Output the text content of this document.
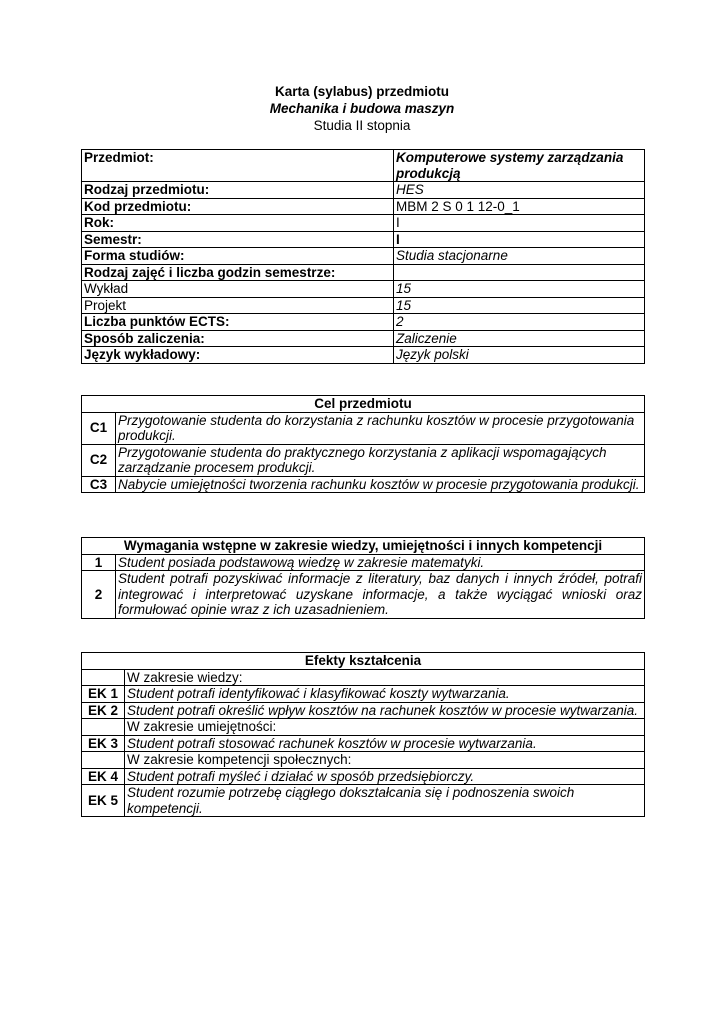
Karta (sylabus) przedmiotu
Mechanika i budowa maszyn
Studia II stopnia
Przedmiot:	Komputerowe systemy zarządzania produkcją
Rodzaj przedmiotu:	HES
Kod przedmiotu:	MBM 2 S 0 1 12-0_1
Rok:	I
Semestr:	I
Forma studiów:	Studia stacjonarne
Rodzaj zajęć i liczba godzin semestrze:	
Wykład	15
Projekt	15
Liczba punktów ECTS:	2
Sposób zaliczenia:	Zaliczenie
Język wykładowy:	Język polski
Cel przedmiotu	
C1	Przygotowanie studenta do korzystania z rachunku kosztów w procesie przygotowania produkcji.
C2	Przygotowanie studenta do praktycznego korzystania z aplikacji wspomagających zarządzanie procesem produkcji.
C3	Nabycie umiejętności tworzenia rachunku kosztów w procesie przygotowania produkcji.
Wymagania wstępne w zakresie wiedzy, umiejętności i innych kompetencji	
1	Student posiada podstawową wiedzę w zakresie matematyki.
2	Student potrafi pozyskiwać informacje z literatury, baz danych i innych źródeł, potrafi integrować i interpretować uzyskane informacje, a także wyciągać wnioski oraz formułować opinie wraz z ich uzasadnieniem.
Efekty kształcenia	
	W zakresie wiedzy:
EK 1	Student potrafi identyfikować i klasyfikować koszty wytwarzania.
EK 2	Student potrafi określić wpływ kosztów na rachunek kosztów w procesie wytwarzania.
	W zakresie umiejętności:
EK 3	Student potrafi stosować rachunek kosztów w procesie wytwarzania.
	W zakresie kompetencji społecznych:
EK 4	Student potrafi myśleć i działać w sposób przedsiębiorczy.
EK 5	Student rozumie potrzebę ciągłego dokształcania się i podnoszenia swoich kompetencji.
